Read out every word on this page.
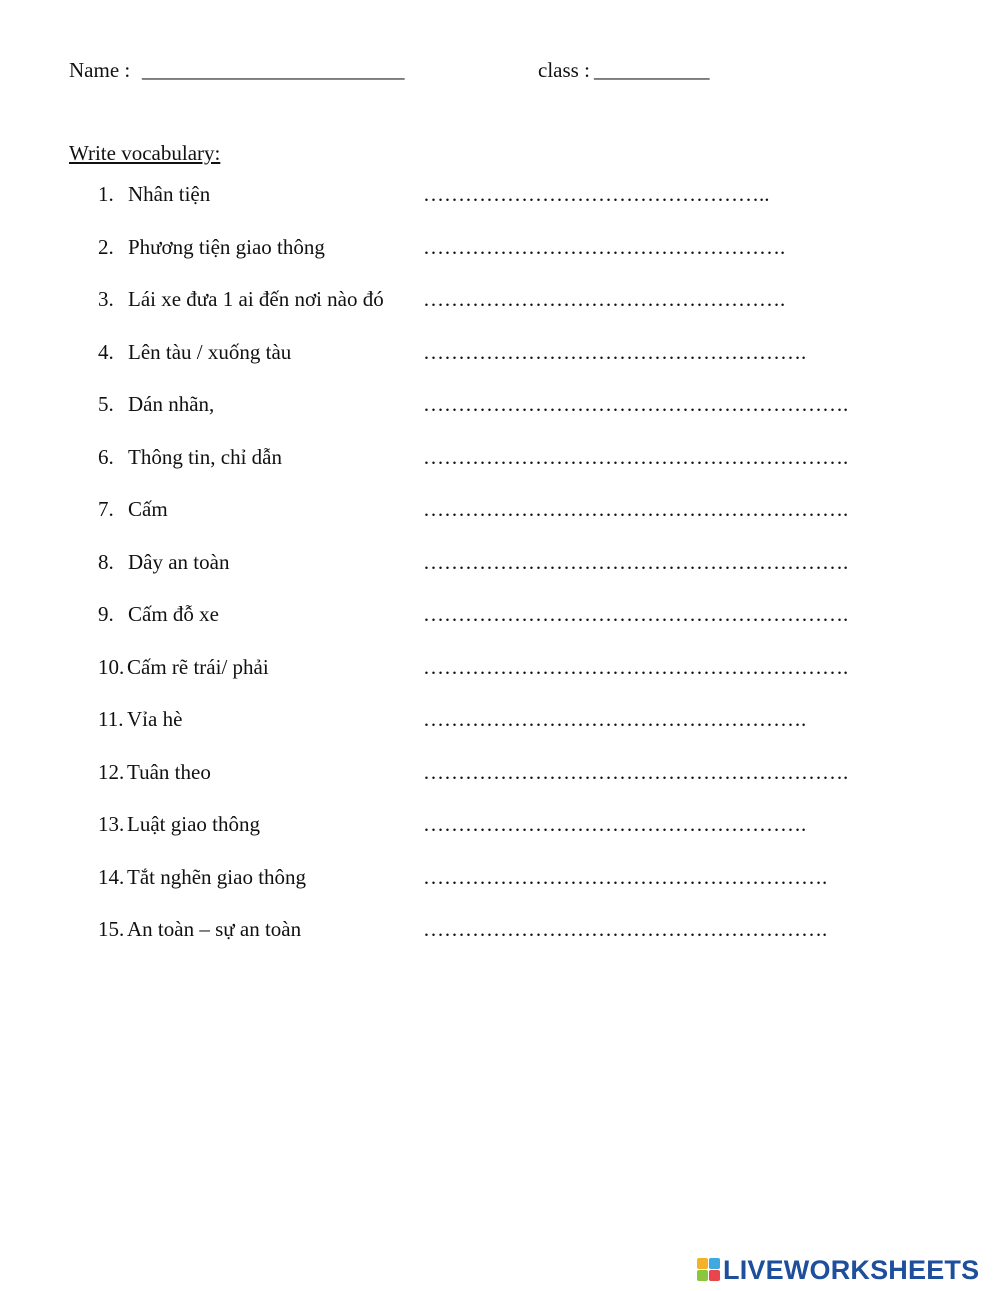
Name : _________________________	class : ___________
Write vocabulary:
1. Nhân tiện	…………………………………………..
2. Phương tiện giao thông	…………………………………………….
3. Lái xe đưa 1 ai đến nơi nào đó …………………………………………….
4. Lên tàu / xuống tàu	……………………………………………….
5. Dán nhãn,	…………………………………………………….
6. Thông tin, chỉ dẫn	…………………………………………………….
7. Cấm	…………………………………………………….
8. Dây an toàn	…………………………………………………….
9. Cấm đỗ xe	…………………………………………………….
10. Cấm rẽ trái/ phải	…………………………………………………….
11. Vỉa hè	……………………………………………….
12. Tuân theo	…………………………………………………….
13. Luật giao thông	……………………………………………….
14. Tắt nghẽn giao thông	………………………………………………….
15. An toàn – sự an toàn	………………………………………………….
LIVEWORKSHEETS
